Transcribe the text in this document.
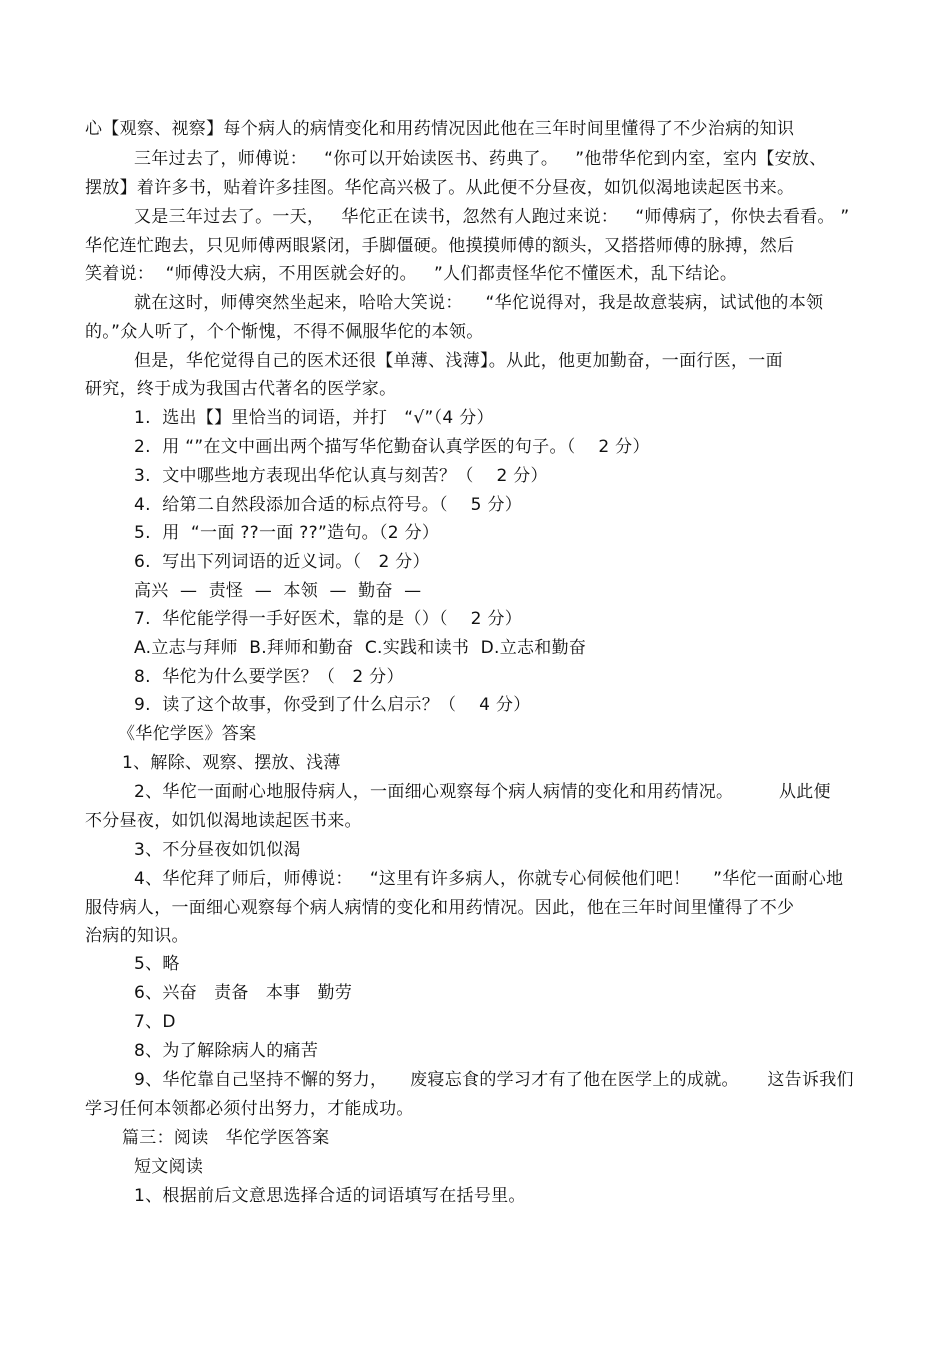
心【观察、视察】每个病人的病情变化和用药情况因此他在三年时间里懂得了不少治病的知识
三年过去了，师傅说：   “你可以开始读医书、药典了。   ”他带华佗到内室，室内【安放、
摆放】着许多书，贴着许多挂图。华佗高兴极了。从此便不分昼夜，如饥似渴地读起医书来。
又是三年过去了。一天，   华佗正在读书，忽然有人跑过来说：   “师傅病了，你快去看看。 ”
华佗连忙跑去，只见师傅两眼紧闭，手脚僵硬。他摸摸师傅的额头，又搭搭师傅的脉搏，然后
笑着说：  “师傅没大病，不用医就会好的。   ”人们都责怪华佗不懂医术，乱下结论。
就在这时，师傅突然坐起来，哈哈大笑说：    “华佗说得对，我是故意装病，试试他的本领
的。”众人听了，个个惭愧，不得不佩服华佗的本领。
但是，华佗觉得自己的医术还很【单薄、浅薄】。从此，他更加勤奋，一面行医，一面
研究，终于成为我国古代著名的医学家。
1.  选出【】里恰当的词语，并打   “√”（4 分）
2.  用 “”在文中画出两个描写华佗勤奋认真学医的句子。（    2 分）
3.  文中哪些地方表现出华佗认真与刻苦？（    2 分）
4.  给第二自然段添加合适的标点符号。（    5 分）
5.  用  “一面 ??一面 ??”造句。（2 分）
6.  写出下列词语的近义词。（   2 分）
高兴  —  责怪  —  本领  —  勤奋  —
7.  华佗能学得一手好医术，靠的是（）（    2 分）
A.立志与拜师  B.拜师和勤奋  C.实践和读书  D.立志和勤奋
8.  华佗为什么要学医？（   2 分）
9.  读了这个故事，你受到了什么启示？（    4 分）
《华佗学医》答案
1、解除、观察、摆放、浅薄
2、华佗一面耐心地服侍病人，一面细心观察每个病人病情的变化和用药情况。        从此便
不分昼夜，如饥似渴地读起医书来。
3、不分昼夜如饥似渴
4、华佗拜了师后，师傅说：   “这里有许多病人，你就专心伺候他们吧！    ”华佗一面耐心地
服侍病人，一面细心观察每个病人病情的变化和用药情况。因此，他在三年时间里懂得了不少
治病的知识。
5、略
6、兴奋   责备   本事   勤劳
7、D
8、为了解除病人的痛苦
9、华佗靠自己坚持不懈的努力，    废寝忘食的学习才有了他在医学上的成就。     这告诉我们
学习任何本领都必须付出努力，才能成功。
篇三：阅读   华佗学医答案
短文阅读
1、根据前后文意思选择合适的词语填写在括号里。
